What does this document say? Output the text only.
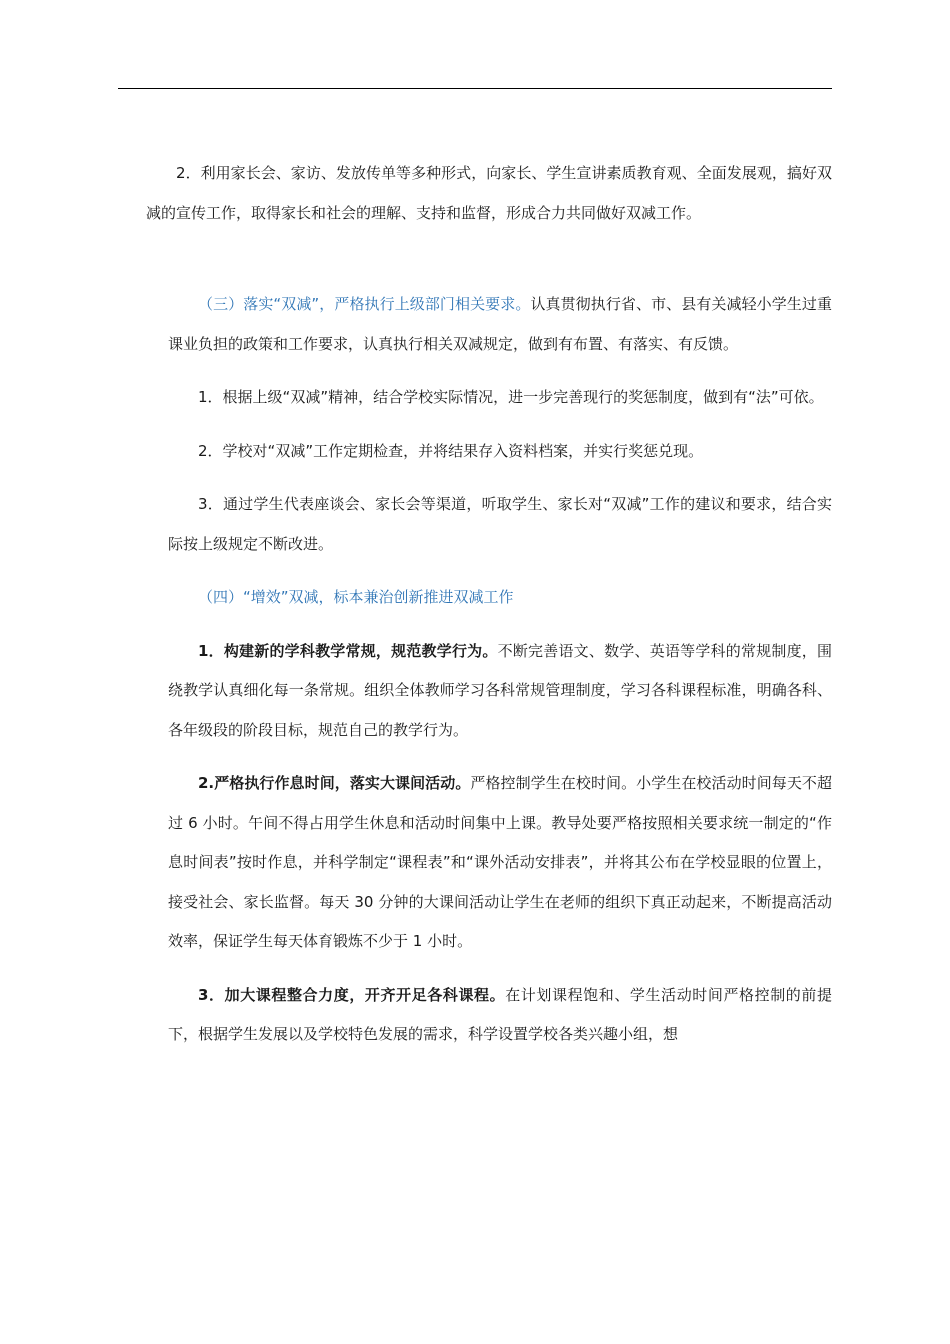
2．利用家长会、家访、发放传单等多种形式，向家长、学生宣讲素质教育观、全面发展观，搞好双减的宣传工作，取得家长和社会的理解、支持和监督，形成合力共同做好双减工作。

（三）落实“双减”，严格执行上级部门相关要求。认真贯彻执行省、市、县有关减轻小学生过重课业负担的政策和工作要求，认真执行相关双减规定，做到有布置、有落实、有反馈。

1．根据上级“双减”精神，结合学校实际情况，进一步完善现行的奖惩制度，做到有“法”可依。

2．学校对“双减”工作定期检查，并将结果存入资料档案，并实行奖惩兑现。

3．通过学生代表座谈会、家长会等渠道，听取学生、家长对“双减”工作的建议和要求，结合实际按上级规定不断改进。

（四）“增效”双减，标本兼治创新推进双减工作

1．构建新的学科教学常规，规范教学行为。不断完善语文、数学、英语等学科的常规制度，围绕教学认真细化每一条常规。组织全体教师学习各科常规管理制度，学习各科课程标准，明确各科、各年级段的阶段目标，规范自己的教学行为。

2.严格执行作息时间，落实大课间活动。严格控制学生在校时间。小学生在校活动时间每天不超过 6 小时。午间不得占用学生休息和活动时间集中上课。教导处要严格按照相关要求统一制定的“作息时间表”按时作息，并科学制定“课程表”和“课外活动安排表”，并将其公布在学校显眼的位置上，接受社会、家长监督。每天 30 分钟的大课间活动让学生在老师的组织下真正动起来，不断提高活动效率，保证学生每天体育锻炼不少于 1 小时。

3．加大课程整合力度，开齐开足各科课程。在计划课程饱和、学生活动时间严格控制的前提下，根据学生发展以及学校特色发展的需求，科学设置学校各类兴趣小组，想
